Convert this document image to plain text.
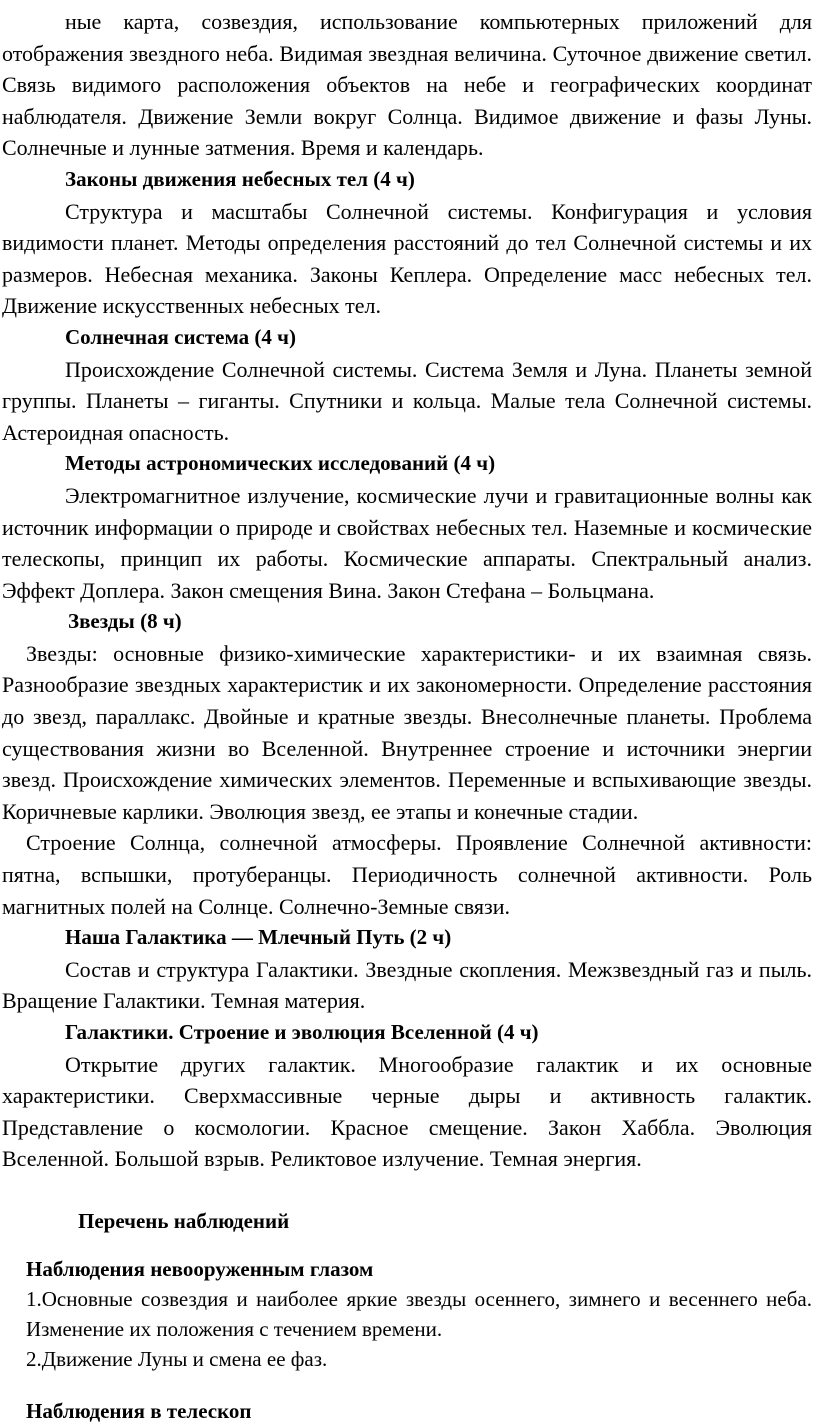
ные карта, созвездия, использование компьютерных приложений для отображения звездного неба. Видимая звездная величина. Суточное движение светил. Связь видимого расположения объектов на небе и географических координат наблюдателя. Движение Земли вокруг Солнца. Видимое движение и фазы Луны. Солнечные и лунные затмения. Время и календарь.

Законы движения небесных тел (4 ч)

Структура и масштабы Солнечной системы. Конфигурация и условия видимости планет. Методы определения расстояний до тел Солнечной системы и их размеров. Небесная механика. Законы Кеплера. Определение масс небесных тел. Движение искусственных небесных тел.

Солнечная система (4 ч)

Происхождение Солнечной системы. Система Земля и Луна. Планеты земной группы. Планеты – гиганты. Спутники и кольца. Малые тела Солнечной системы. Астероидная опасность.

Методы астрономических исследований (4 ч)

Электромагнитное излучение, космические лучи и гравитационные волны как источник информации о природе и свойствах небесных тел. Наземные и космические телескопы, принцип их работы. Космические аппараты. Спектральный анализ. Эффект Доплера. Закон смещения Вина. Закон Стефана – Больцмана.

Звезды (8 ч)

Звезды: основные физико-химические характеристики- и их взаимная связь. Разнообразие звездных характеристик и их закономерности. Определение расстояния до звезд, параллакс. Двойные и кратные звезды. Внесолнечные планеты. Проблема существования жизни во Вселенной. Внутреннее строение и источники энергии звезд. Происхождение химических элементов. Переменные и вспыхивающие звезды. Коричневые карлики. Эволюция звезд, ее этапы и конечные стадии.

Строение Солнца, солнечной атмосферы. Проявление Солнечной активности: пятна, вспышки, протуберанцы. Периодичность солнечной активности. Роль магнитных полей на Солнце. Солнечно-Земные связи.

Наша Галактика — Млечный Путь (2 ч)

Состав и структура Галактики. Звездные скопления. Межзвездный газ и пыль. Вращение Галактики. Темная материя.

Галактики. Строение и эволюция Вселенной (4 ч)

Открытие других галактик. Многообразие галактик и их основные характеристики. Сверхмассивные черные дыры и активность галактик. Представление о космологии. Красное смещение. Закон Хаббла. Эволюция Вселенной. Большой взрыв. Реликтовое излучение. Темная энергия.

Перечень наблюдений
Наблюдения невооруженным глазом

1.Основные созвездия и наиболее яркие звезды осеннего, зимнего и весеннего неба. Изменение их положения с течением времени.

2.Движение Луны и смена ее фаз.

Наблюдения в телескоп
